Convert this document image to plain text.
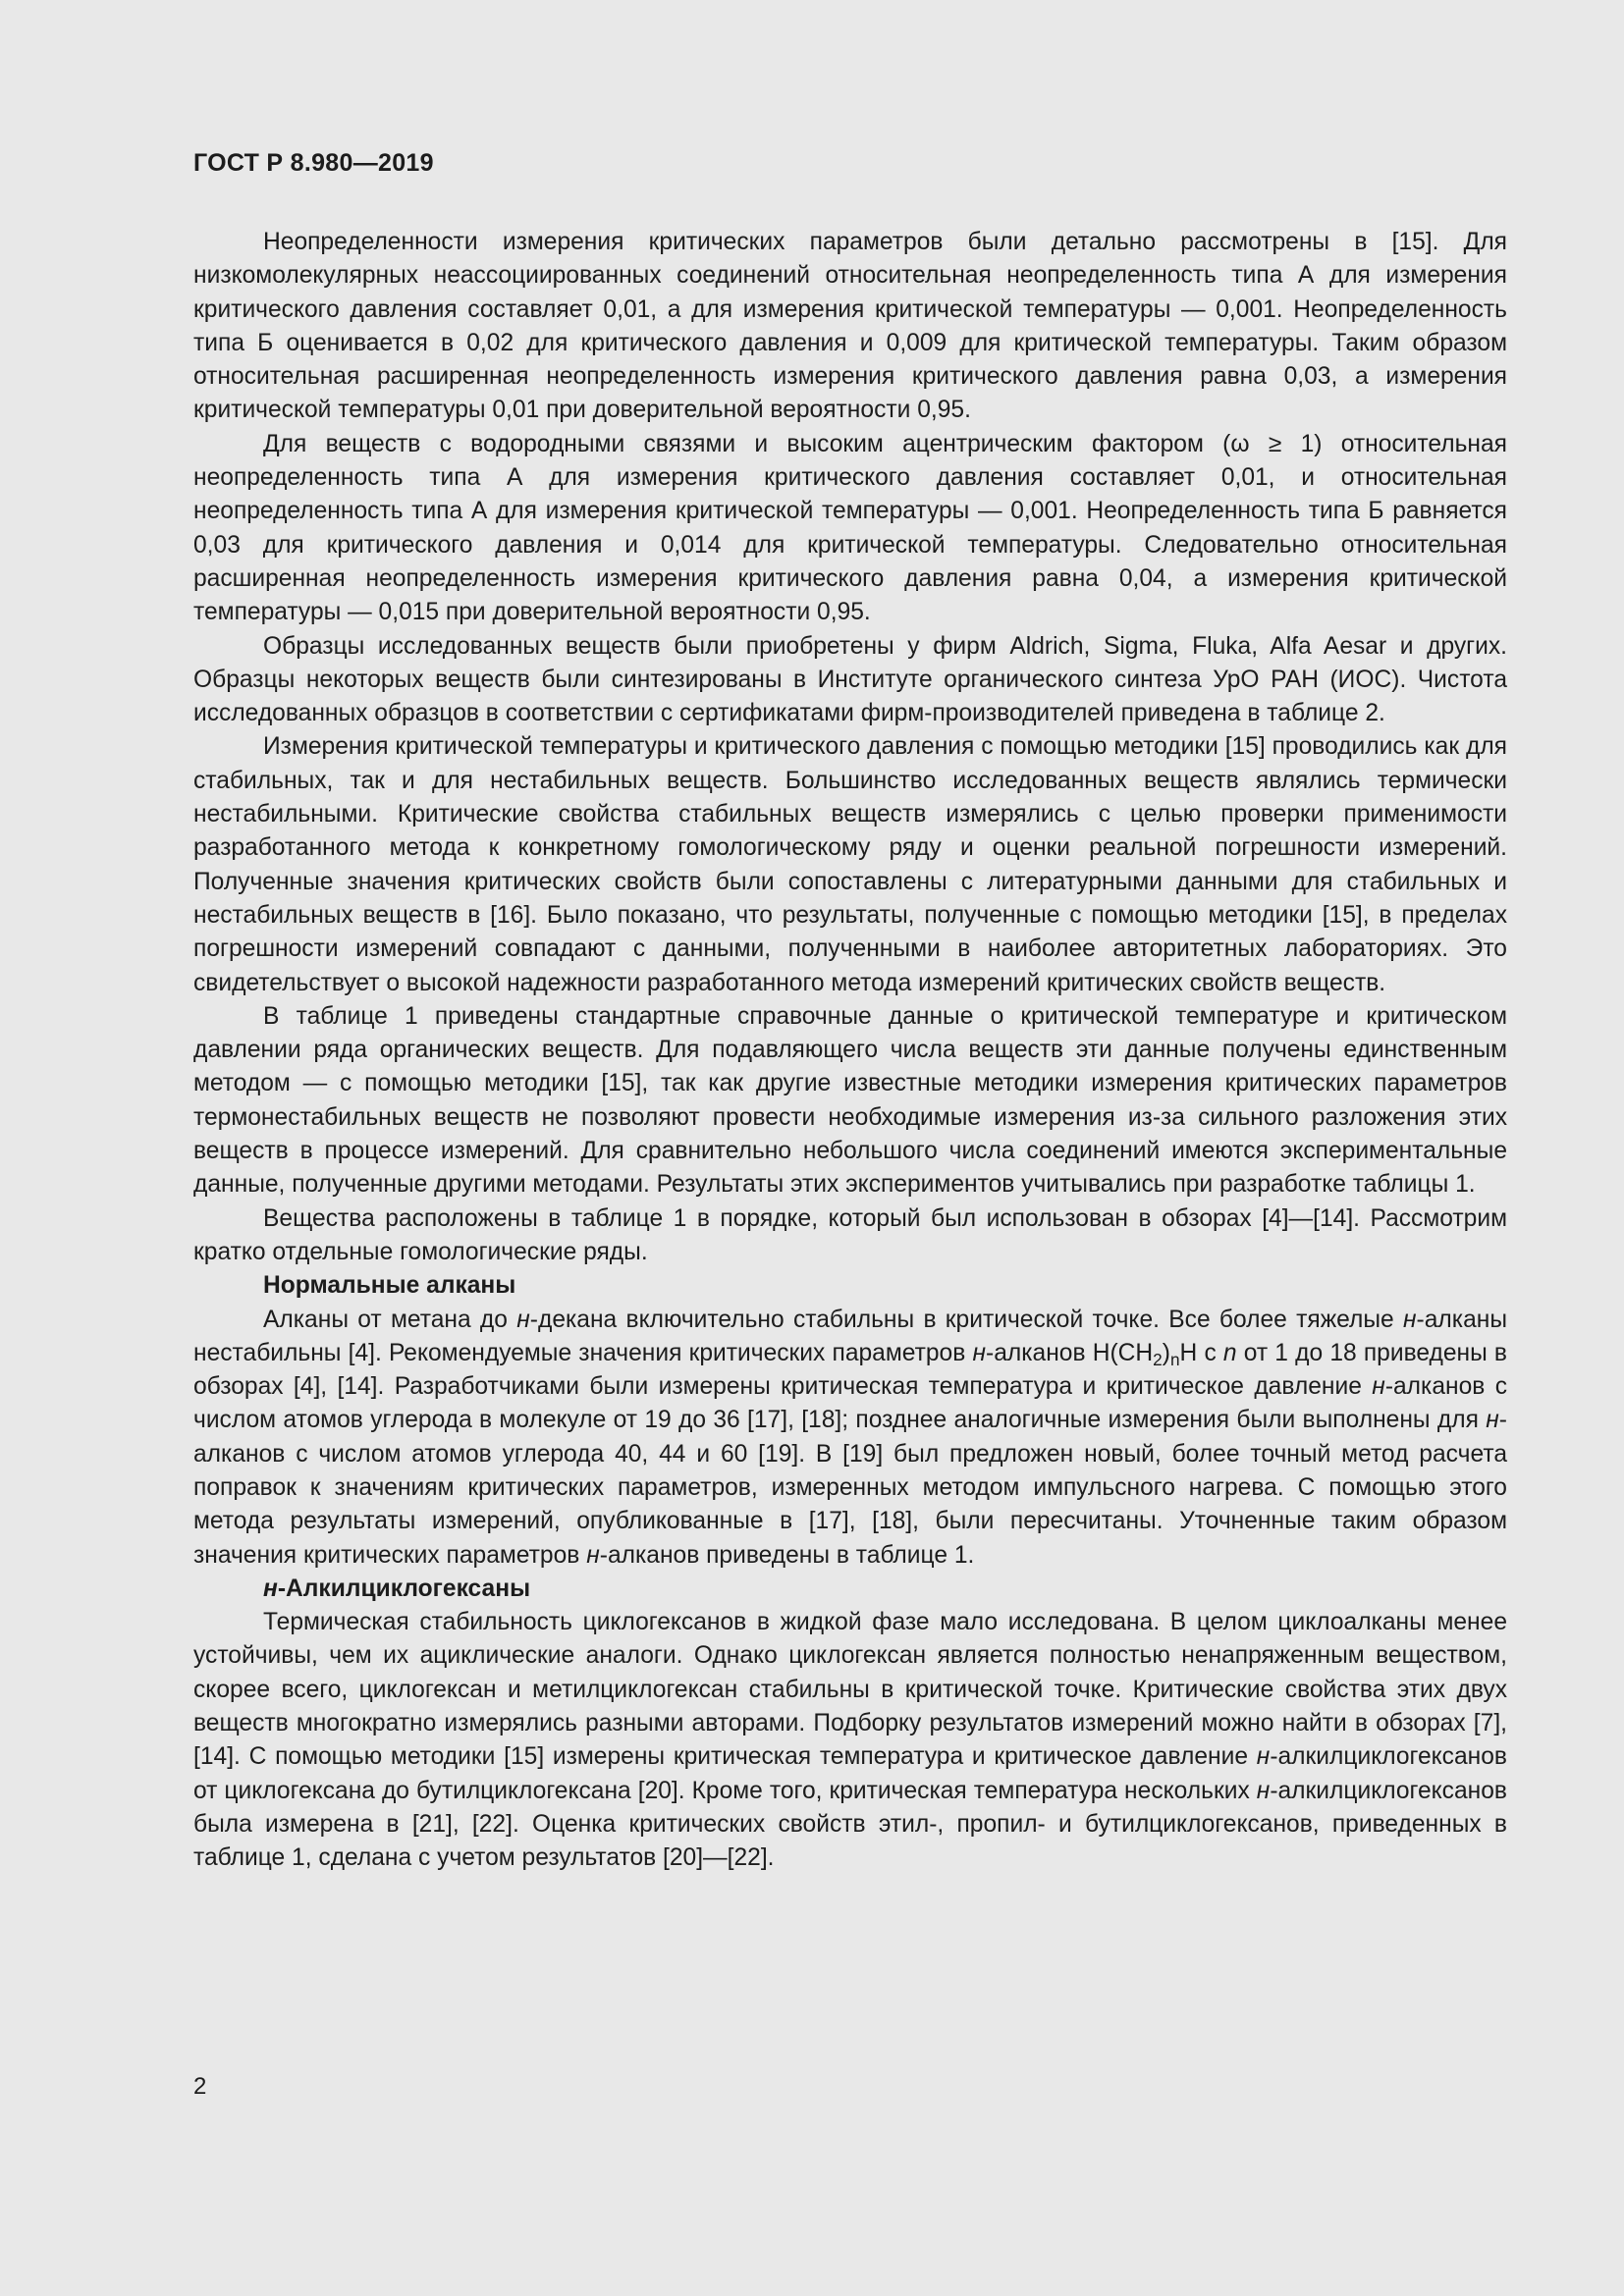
ГОСТ Р 8.980—2019

Неопределенности измерения критических параметров были детально рассмотрены в [15]. Для низкомолекулярных неассоциированных соединений относительная неопределенность типа А для измерения критического давления составляет 0,01, а для измерения критической температуры — 0,001. Неопределенность типа Б оценивается в 0,02 для критического давления и 0,009 для критической температуры. Таким образом относительная расширенная неопределенность измерения критического давления равна 0,03, а измерения критической температуры 0,01 при доверительной вероятности 0,95.

Для веществ с водородными связями и высоким ацентрическим фактором (ω ≥ 1) относительная неопределенность типа А для измерения критического давления составляет 0,01, и относительная неопределенность типа А для измерения критической температуры — 0,001. Неопределенность типа Б равняется 0,03 для критического давления и 0,014 для критической температуры. Следовательно относительная расширенная неопределенность измерения критического давления равна 0,04, а измерения критической температуры — 0,015 при доверительной вероятности 0,95.

Образцы исследованных веществ были приобретены у фирм Aldrich, Sigma, Fluka, Alfa Aesar и других. Образцы некоторых веществ были синтезированы в Институте органического синтеза УрО РАН (ИОС). Чистота исследованных образцов в соответствии с сертификатами фирм-производителей приведена в таблице 2.

Измерения критической температуры и критического давления с помощью методики [15] проводились как для стабильных, так и для нестабильных веществ. Большинство исследованных веществ являлись термически нестабильными. Критические свойства стабильных веществ измерялись с целью проверки применимости разработанного метода к конкретному гомологическому ряду и оценки реальной погрешности измерений. Полученные значения критических свойств были сопоставлены с литературными данными для стабильных и нестабильных веществ в [16]. Было показано, что результаты, полученные с помощью методики [15], в пределах погрешности измерений совпадают с данными, полученными в наиболее авторитетных лабораториях. Это свидетельствует о высокой надежности разработанного метода измерений критических свойств веществ.

В таблице 1 приведены стандартные справочные данные о критической температуре и критическом давлении ряда органических веществ. Для подавляющего числа веществ эти данные получены единственным методом — с помощью методики [15], так как другие известные методики измерения критических параметров термонестабильных веществ не позволяют провести необходимые измерения из-за сильного разложения этих веществ в процессе измерений. Для сравнительно небольшого числа соединений имеются экспериментальные данные, полученные другими методами. Результаты этих экспериментов учитывались при разработке таблицы 1.

Вещества расположены в таблице 1 в порядке, который был использован в обзорах [4]—[14]. Рассмотрим кратко отдельные гомологические ряды.

Нормальные алканы

Алканы от метана до н-декана включительно стабильны в критической точке. Все более тяжелые н-алканы нестабильны [4]. Рекомендуемые значения критических параметров н-алканов $H(CH_2)_nH$ с n от 1 до 18 приведены в обзорах [4], [14]. Разработчиками были измерены критическая температура и критическое давление н-алканов с числом атомов углерода в молекуле от 19 до 36 [17], [18]; позднее аналогичные измерения были выполнены для н-алканов с числом атомов углерода 40, 44 и 60 [19]. В [19] был предложен новый, более точный метод расчета поправок к значениям критических параметров, измеренных методом импульсного нагрева. С помощью этого метода результаты измерений, опубликованные в [17], [18], были пересчитаны. Уточненные таким образом значения критических параметров н-алканов приведены в таблице 1.

н-Алкилциклогексаны

Термическая стабильность циклогексанов в жидкой фазе мало исследована. В целом циклоалканы менее устойчивы, чем их ациклические аналоги. Однако циклогексан является полностью ненапряженным веществом, скорее всего, циклогексан и метилциклогексан стабильны в критической точке. Критические свойства этих двух веществ многократно измерялись разными авторами. Подборку результатов измерений можно найти в обзорах [7], [14]. С помощью методики [15] измерены критическая температура и критическое давление н-алкилциклогексанов от циклогексана до бутилциклогексана [20]. Кроме того, критическая температура нескольких н-алкилциклогексанов была измерена в [21], [22]. Оценка критических свойств этил-, пропил- и бутилциклогексанов, приведенных в таблице 1, сделана с учетом результатов [20]—[22].

2
